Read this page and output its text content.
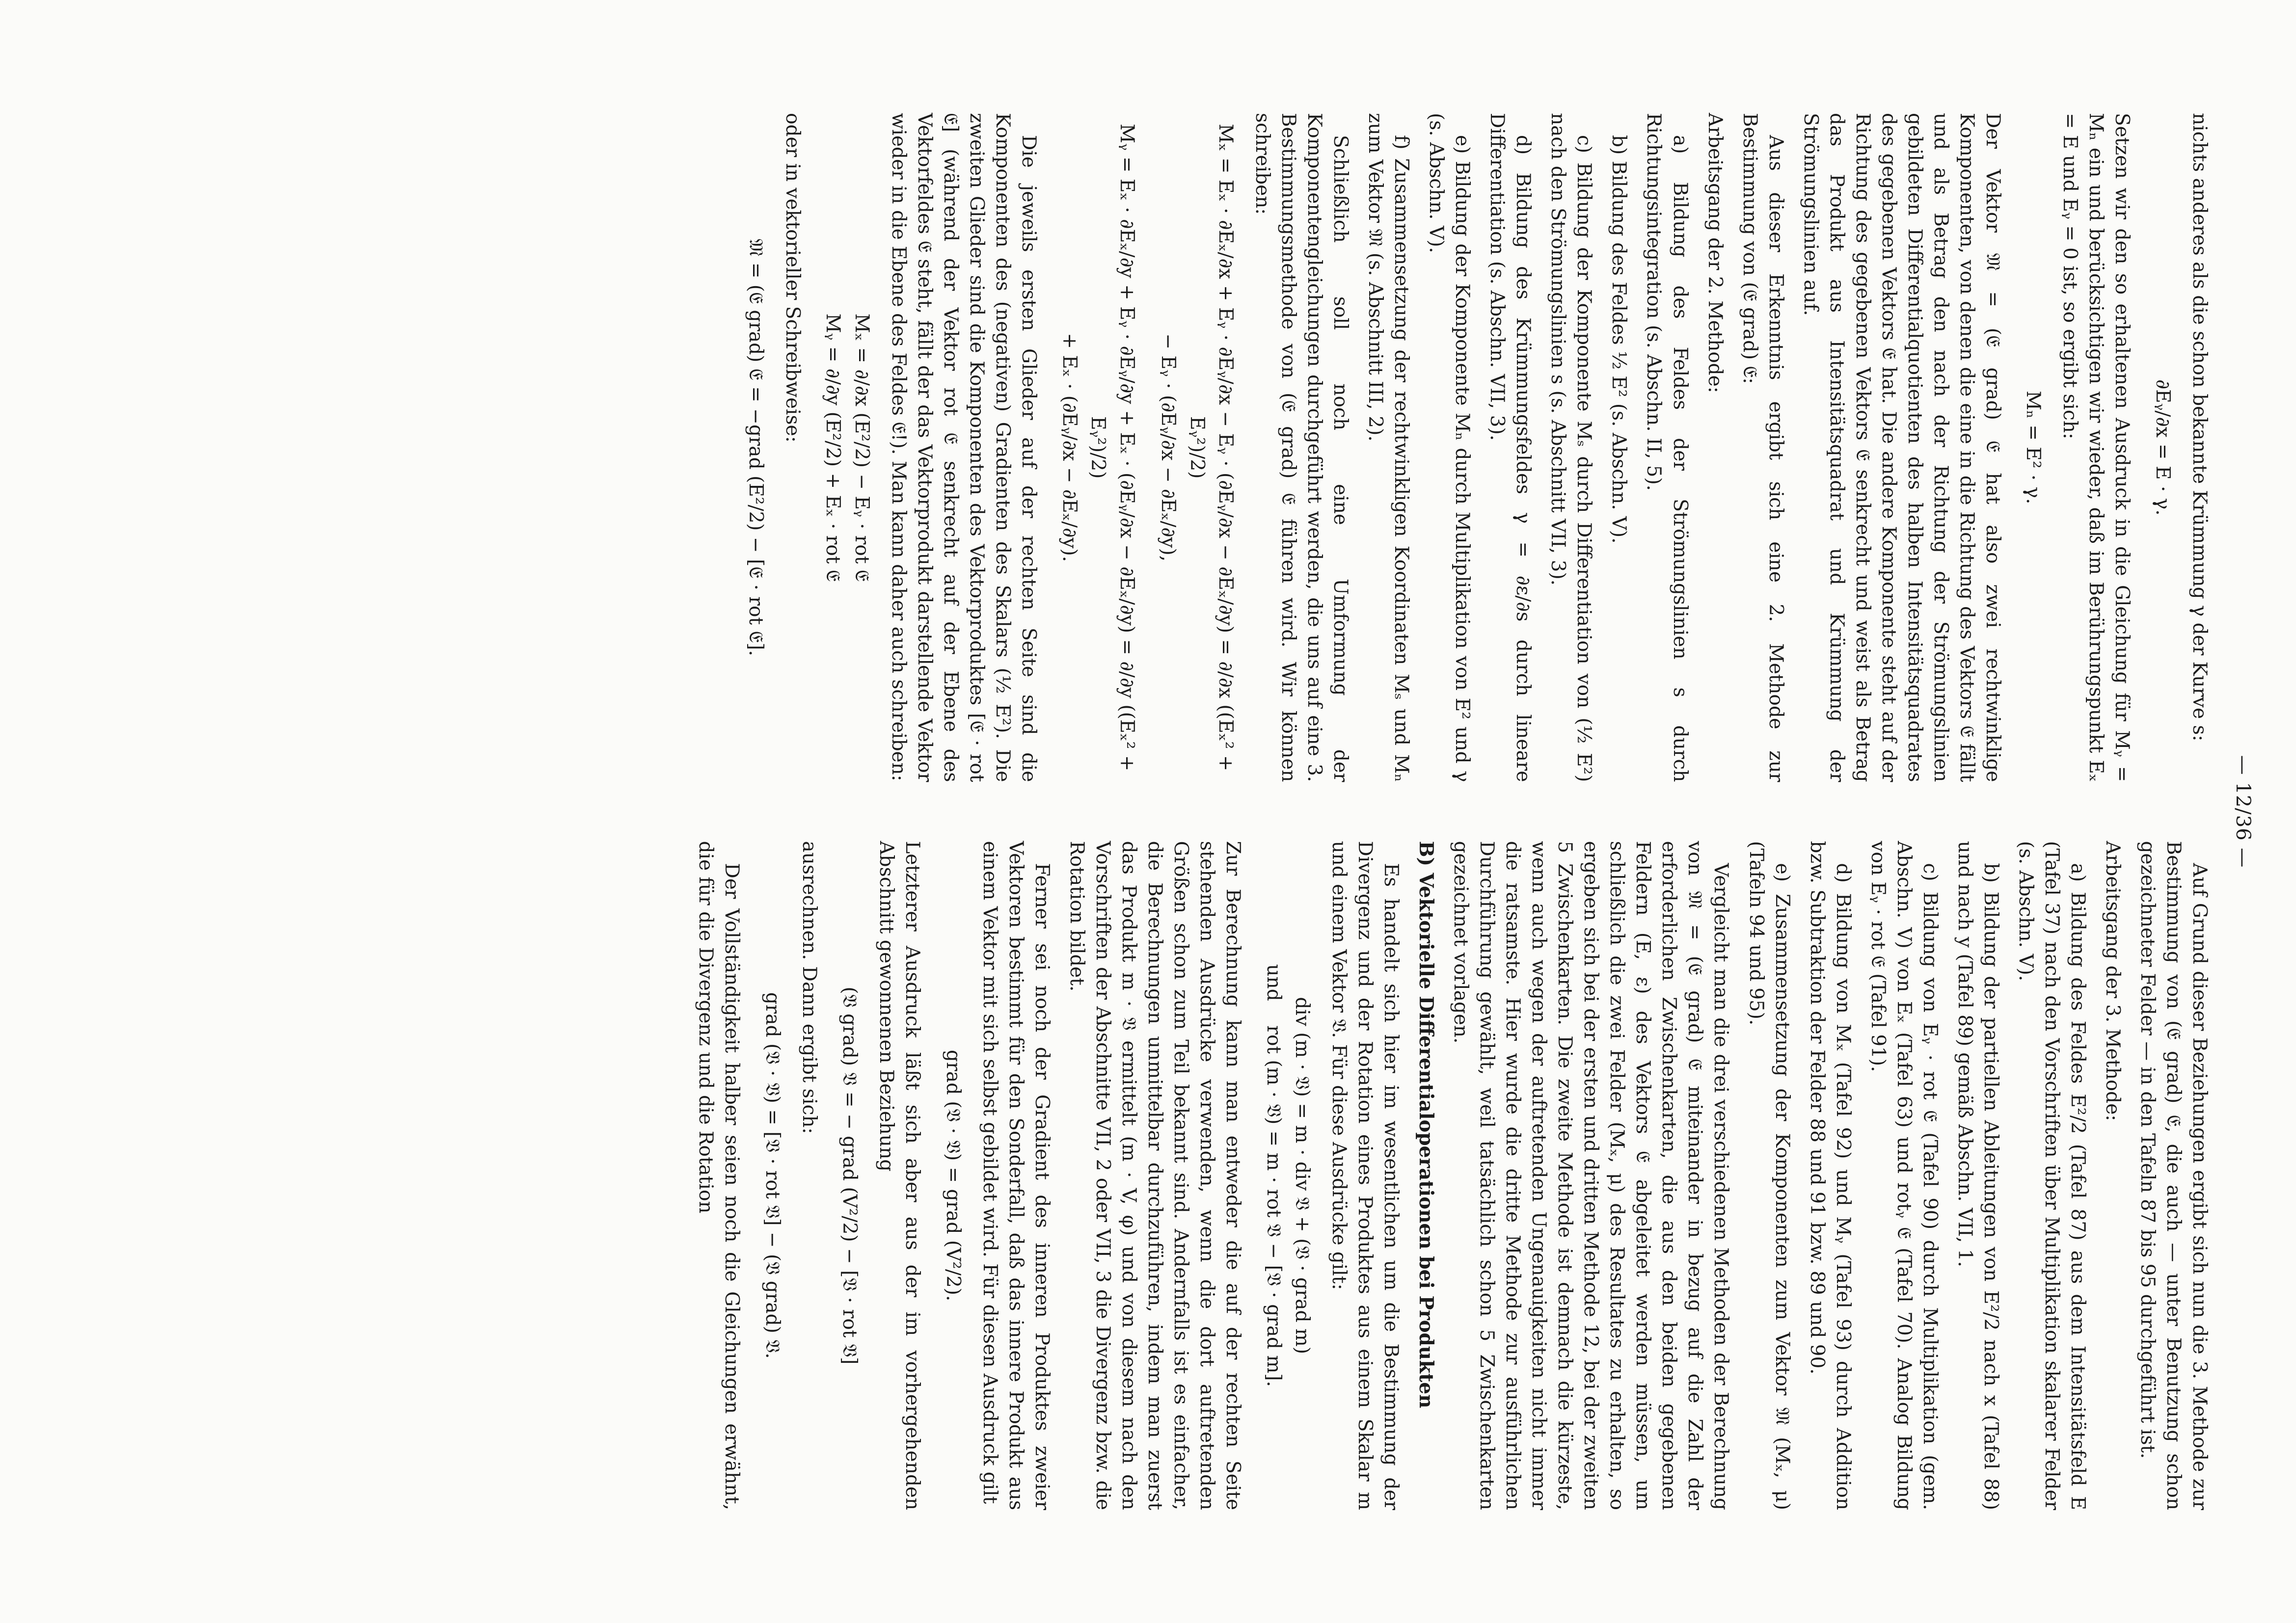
— 12/36 —

nichts anderes als die schon bekannte Krümmung γ der Kurve s:

∂Eᵧ/∂x = E · γ.

Setzen wir den so erhaltenen Ausdruck in die Gleichung für Mᵧ = Mₙ ein und berücksichtigen wir wieder, daß im Berührungspunkt Eₓ = E und Eᵧ = 0 ist, so ergibt sich:

Mₙ = E² · γ.

Der Vektor 𝔐 = (𝔈 grad) 𝔈 hat also zwei rechtwinklige Komponenten, von denen die eine in die Richtung des Vektors 𝔈 fällt und als Betrag den nach der Richtung der Strömungslinien gebildeten Differentialquotienten des halben Intensitätsquadrates des gegebenen Vektors 𝔈 hat. Die andere Komponente steht auf der Richtung des gegebenen Vektors 𝔈 senkrecht und weist als Betrag das Produkt aus Intensitätsquadrat und Krümmung der Strömungslinien auf.

Aus dieser Erkenntnis ergibt sich eine 2. Methode zur Bestimmung von (𝔈 grad) 𝔈:

Arbeitsgang der 2. Methode:

a) Bildung des Feldes der Strömungslinien s durch Richtungsintegration (s. Abschn. II, 5).

b) Bildung des Feldes ½ E² (s. Abschn. V).

c) Bildung der Komponente Mₛ durch Differentiation von (½ E²) nach den Strömungslinien s (s. Abschnitt VII, 3).

d) Bildung des Krümmungsfeldes γ = ∂ε/∂s durch lineare Differentiation (s. Abschn. VII, 3).

e) Bildung der Komponente Mₙ durch Multiplikation von E² und γ (s. Abschn. V).

f) Zusammensetzung der rechtwinkligen Koordinaten Mₛ und Mₙ zum Vektor 𝔐 (s. Abschnitt III, 2).

Schließlich soll noch eine Umformung der Komponentengleichungen durchgeführt werden, die uns auf eine 3. Bestimmungsmethode von (𝔈 grad) 𝔈 führen wird. Wir können schreiben:

Mₓ = Eₓ · ∂Eₓ/∂x + Eᵧ · ∂Eᵧ/∂x − Eᵧ · (∂Eᵧ/∂x − ∂Eₓ/∂y) = ∂/∂x ((Eₓ² + Eᵧ²)/2)
− Eᵧ · (∂Eᵧ/∂x − ∂Eₓ/∂y),
Mᵧ = Eₓ · ∂Eₓ/∂y + Eᵧ · ∂Eᵧ/∂y + Eₓ · (∂Eᵧ/∂x − ∂Eₓ/∂y) = ∂/∂y ((Eₓ² + Eᵧ²)/2)
+ Eₓ · (∂Eᵧ/∂x − ∂Eₓ/∂y).

Die jeweils ersten Glieder auf der rechten Seite sind die Komponenten des (negativen) Gradienten des Skalars (½ E²). Die zweiten Glieder sind die Komponenten des Vektorproduktes [𝔈 · rot 𝔈] (während der Vektor rot 𝔈 senkrecht auf der Ebene des Vektorfeldes 𝔈 steht, fällt der das Vektorprodukt darstellende Vektor wieder in die Ebene des Feldes 𝔈!). Man kann daher auch schreiben:

Mₓ = ∂/∂x (E²/2) − Eᵧ · rot 𝔈
Mᵧ = ∂/∂y (E²/2) + Eₓ · rot 𝔈

oder in vektorieller Schreibweise:

𝔐 = (𝔈 grad) 𝔈 = −grad (E²/2) − [𝔈 · rot 𝔈].

Auf Grund dieser Beziehungen ergibt sich nun die 3. Methode zur Bestimmung von (𝔈 grad) 𝔈, die auch — unter Benutzung schon gezeichneter Felder — in den Tafeln 87 bis 95 durchgeführt ist.

Arbeitsgang der 3. Methode:

a) Bildung des Feldes E²/2 (Tafel 87) aus dem Intensitätsfeld E (Tafel 37) nach den Vorschriften über Multiplikation skalarer Felder (s. Abschn. V).

b) Bildung der partiellen Ableitungen von E²/2 nach x (Tafel 88) und nach y (Tafel 89) gemäß Abschn. VII, 1.

c) Bildung von Eᵧ · rot 𝔈 (Tafel 90) durch Multiplikation (gem. Abschn. V) von Eₓ (Tafel 63) und rotᵧ 𝔈 (Tafel 70). Analog Bildung von Eᵧ · rot 𝔈 (Tafel 91).

d) Bildung von Mₓ (Tafel 92) und Mᵧ (Tafel 93) durch Addition bzw. Subtraktion der Felder 88 und 91 bzw. 89 und 90.

e) Zusammensetzung der Komponenten zum Vektor 𝔐 (Mₓ, μ) (Tafeln 94 und 95).

Vergleicht man die drei verschiedenen Methoden der Berechnung von 𝔐 = (𝔈 grad) 𝔈 miteinander in bezug auf die Zahl der erforderlichen Zwischenkarten, die aus den beiden gegebenen Feldern (E, ε) des Vektors 𝔈 abgeleitet werden müssen, um schließlich die zwei Felder (Mₓ, μ) des Resultates zu erhalten, so ergeben sich bei der ersten und dritten Methode 12, bei der zweiten 5 Zwischenkarten. Die zweite Methode ist demnach die kürzeste, wenn auch wegen der auftretenden Ungenauigkeiten nicht immer die ratsamste. Hier wurde die dritte Methode zur ausführlichen Durchführung gewählt, weil tatsächlich schon 5 Zwischenkarten gezeichnet vorlagen.

B) Vektorielle Differentialoperationen bei Produkten

Es handelt sich hier im wesentlichen um die Bestimmung der Divergenz und der Rotation eines Produktes aus einem Skalar m und einem Vektor 𝔙. Für diese Ausdrücke gilt:

div (m · 𝔙) = m · div 𝔙 + (𝔙 · grad m)
und    rot (m · 𝔙) = m · rot 𝔙 − [𝔙 · grad m].

Zur Berechnung kann man entweder die auf der rechten Seite stehenden Ausdrücke verwenden, wenn die dort auftretenden Größen schon zum Teil bekannt sind. Andernfalls ist es einfacher, die Berechnungen unmittelbar durchzuführen, indem man zuerst das Produkt m · 𝔙 ermittelt (m · V, φ) und von diesem nach den Vorschriften der Abschnitte VII, 2 oder VII, 3 die Divergenz bzw. die Rotation bildet.

Ferner sei noch der Gradient des inneren Produktes zweier Vektoren bestimmt für den Sonderfall, daß das innere Produkt aus einem Vektor mit sich selbst gebildet wird. Für diesen Ausdruck gilt

grad (𝔙 · 𝔙) = grad (V²/2).

Letzterer Ausdruck läßt sich aber aus der im vorhergehenden Abschnitt gewonnenen Beziehung

(𝔙 grad) 𝔙 = − grad (V²/2) − [𝔙 · rot 𝔙]

ausrechnen. Dann ergibt sich:

grad (𝔙 · 𝔙) = [𝔙 · rot 𝔙] − (𝔙 grad) 𝔙.

Der Vollständigkeit halber seien noch die Gleichungen erwähnt, die für die Divergenz und die Rotation
